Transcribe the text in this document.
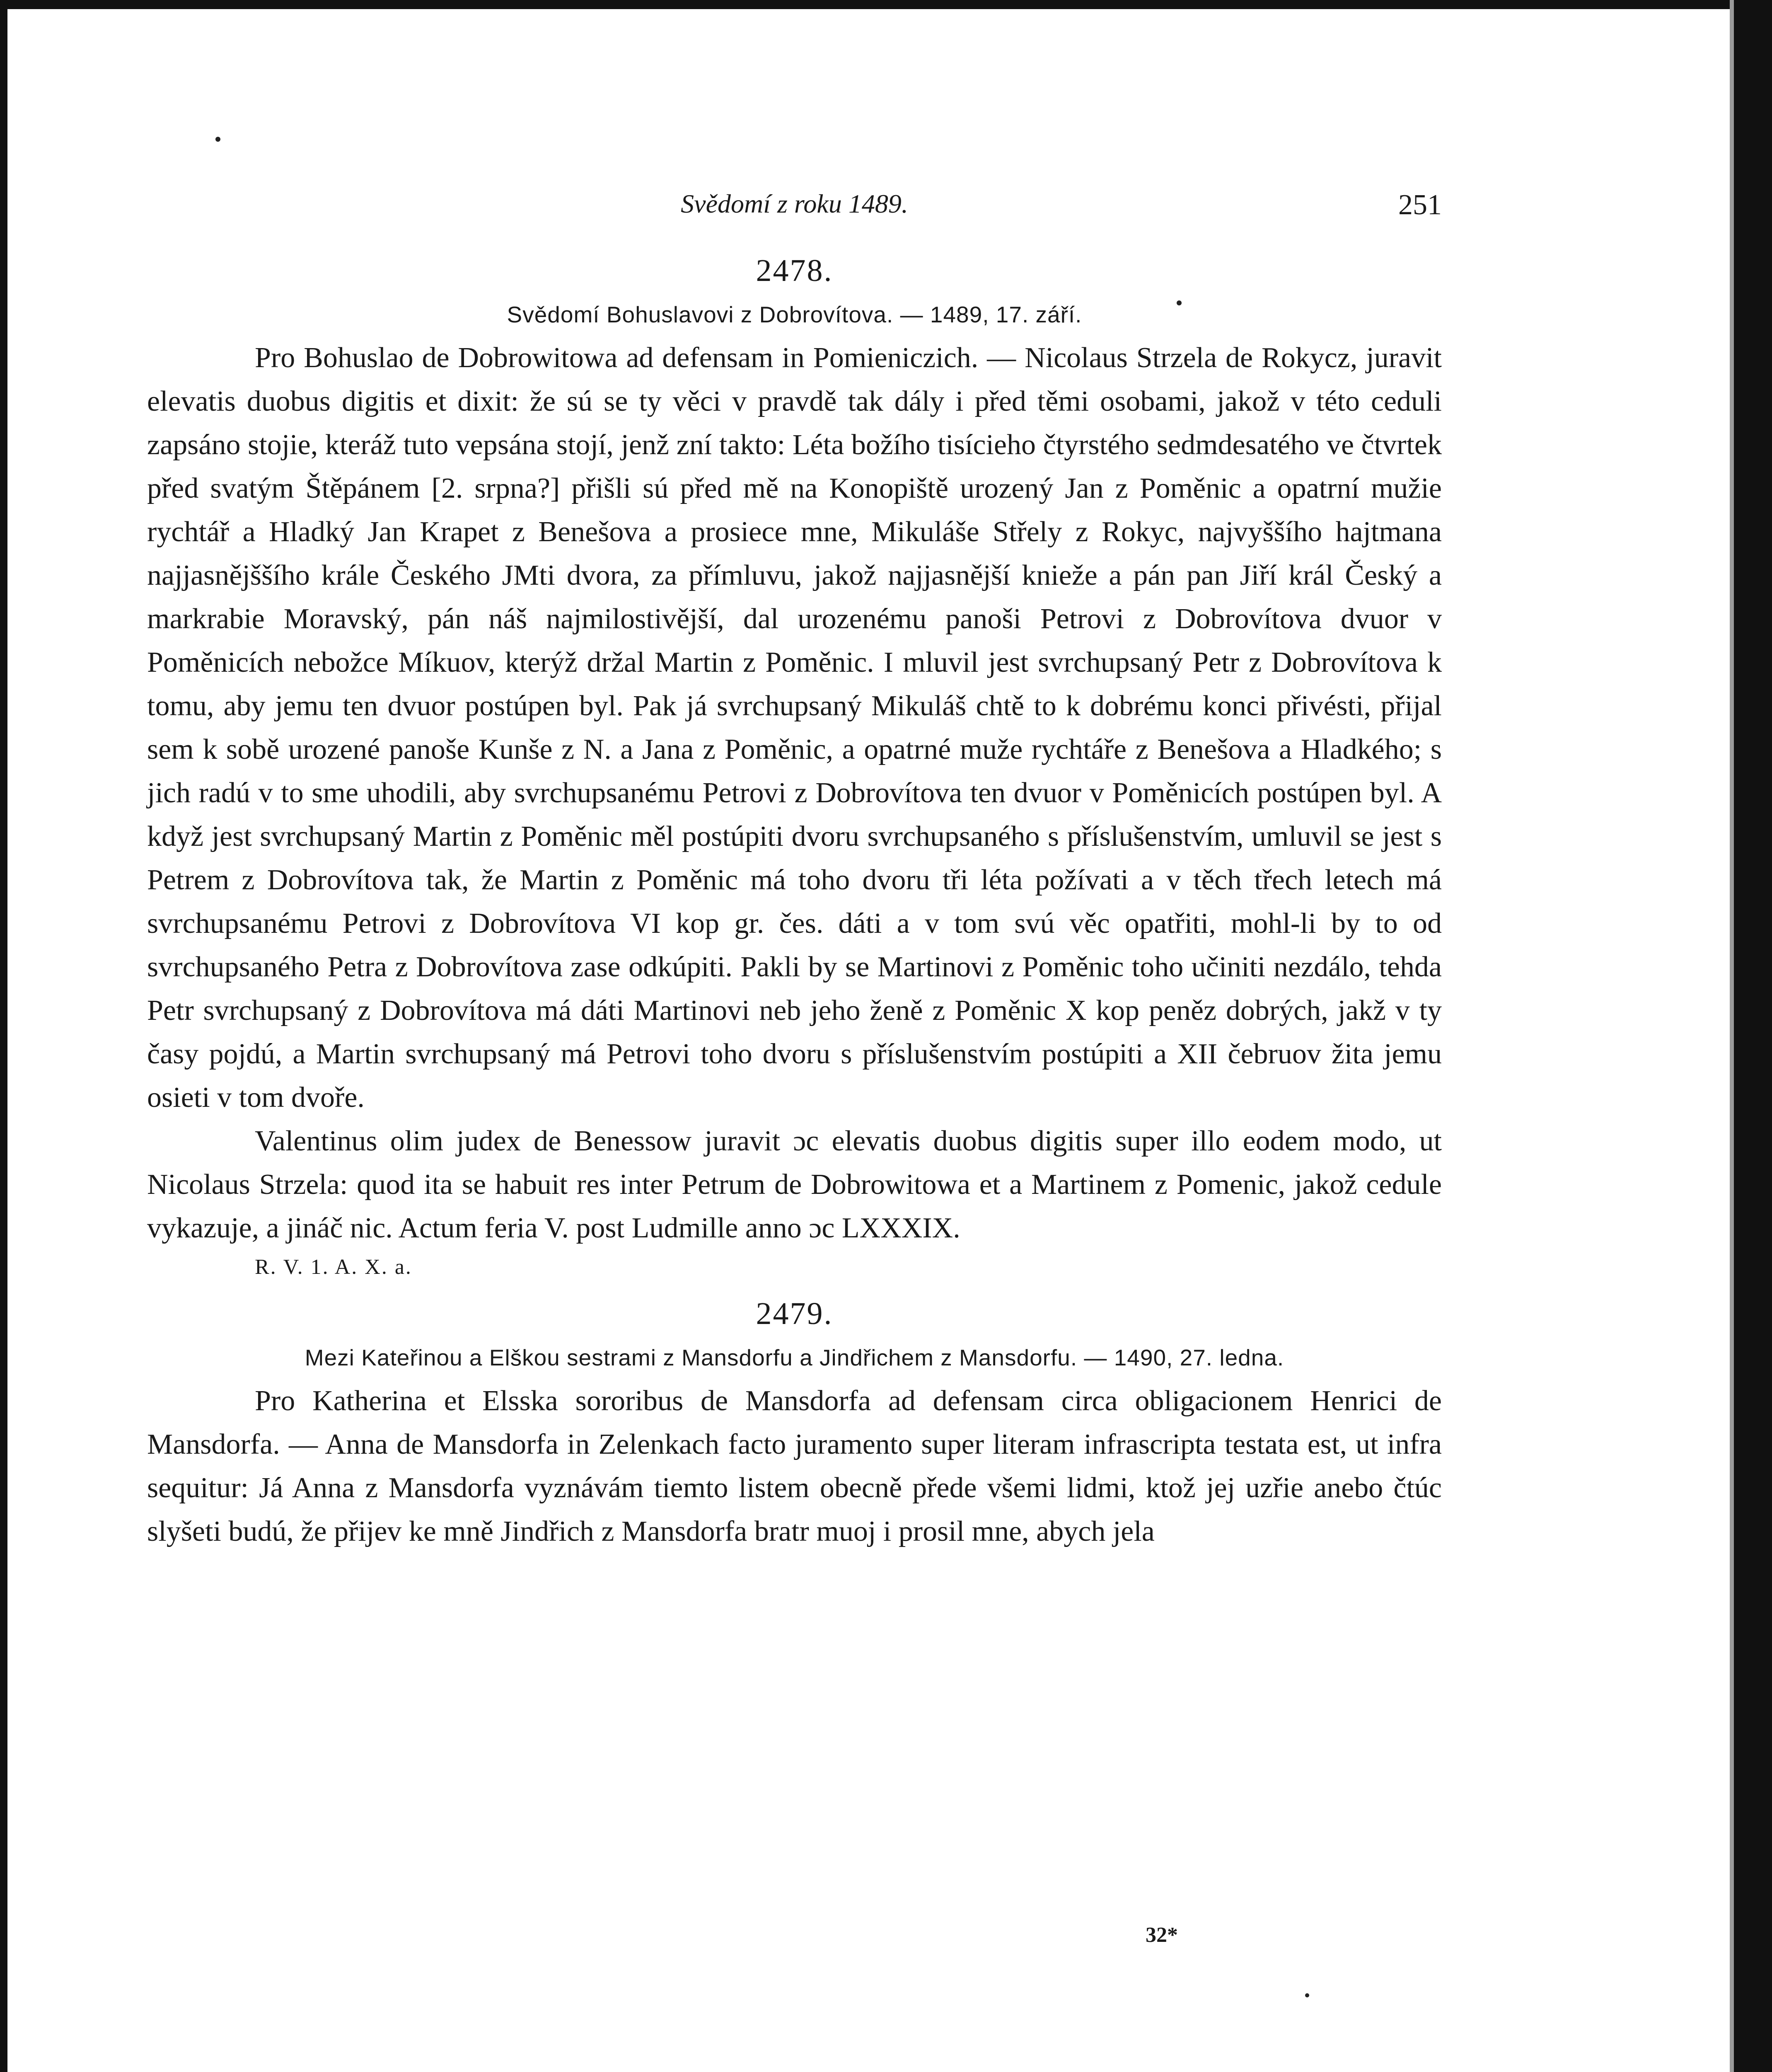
Svědomí z roku 1489.	251
2478.
Svědomí Bohuslavovi z Dobrovítova. — 1489, 17. září.

Pro Bohuslao de Dobrowitowa ad defensam in Pomieniczich. — Nicolaus Strzela de Rokycz, juravit elevatis duobus digitis et dixit: že sú se ty věci v pravdě tak dály i před těmi osobami, jakož v této ceduli zapsáno stojie, kteráž tuto vepsána stojí, jenž zní takto: Léta božího tisícieho čtyrstého sedmdesatého ve čtvrtek před svatým Štěpánem [2. srpna?] přišli sú před mě na Konopiště urozený Jan z Poměnic a opatrní mužie rychtář a Hladký Jan Krapet z Benešova a prosiece mne, Mikuláše Střely z Rokyc, najvyššího hajtmana najjasnějššího krále Českého JMti dvora, za přímluvu, jakož najjasnější knieže a pán pan Jiří král Český a markrabie Moravský, pán náš najmilostivější, dal urozenému panoši Petrovi z Dobrovítova dvuor v Poměnicích nebožce Míkuov, kterýž držal Martin z Poměnic. I mluvil jest svrchupsaný Petr z Dobrovítova k tomu, aby jemu ten dvuor postúpen byl. Pak já svrchupsaný Mikuláš chtě to k dobrému konci přivésti, přijal sem k sobě urozené panoše Kunše z N. a Jana z Poměnic, a opatrné muže rychtáře z Benešova a Hladkého; s jich radú v to sme uhodili, aby svrchupsanému Petrovi z Dobrovítova ten dvuor v Poměnicích postúpen byl. A když jest svrchupsaný Martin z Poměnic měl postúpiti dvoru svrchupsaného s příslušenstvím, umluvil se jest s Petrem z Dobrovítova tak, že Martin z Poměnic má toho dvoru tři léta požívati a v těch třech letech má svrchupsanému Petrovi z Dobrovítova VI kop gr. čes. dáti a v tom svú věc opatřiti, mohl-li by to od svrchupsaného Petra z Dobrovítova zase odkúpiti. Pakli by se Martinovi z Poměnic toho učiniti nezdálo, tehda Petr svrchupsaný z Dobrovítova má dáti Martinovi neb jeho ženě z Poměnic X kop peněz dobrých, jakž v ty časy pojdú, a Martin svrchupsaný má Petrovi toho dvoru s příslušenstvím postúpiti a XII čebruov žita jemu osieti v tom dvoře.

Valentinus olim judex de Benessow juravit ɔc elevatis duobus digitis super illo eodem modo, ut Nicolaus Strzela: quod ita se habuit res inter Petrum de Dobrowitowa et a Martinem z Pomenic, jakož cedule vykazuje, a jináč nic. Actum feria V. post Ludmille anno ɔc LXXXIX.

R. V. 1. A. X. a.
2479.
Mezi Kateřinou a Elškou sestrami z Mansdorfu a Jindřichem z Mansdorfu. — 1490, 27. ledna.

Pro Katherina et Elsska sororibus de Mansdorfa ad defensam circa obligacionem Henrici de Mansdorfa. — Anna de Mansdorfa in Zelenkach facto juramento super literam infrascripta testata est, ut infra sequitur: Já Anna z Mansdorfa vyznávám tiemto listem obecně přede všemi lidmi, ktož jej uzřie anebo čtúc slyšeti budú, že přijev ke mně Jindřich z Mansdorfa bratr muoj i prosil mne, abych jela

32*
